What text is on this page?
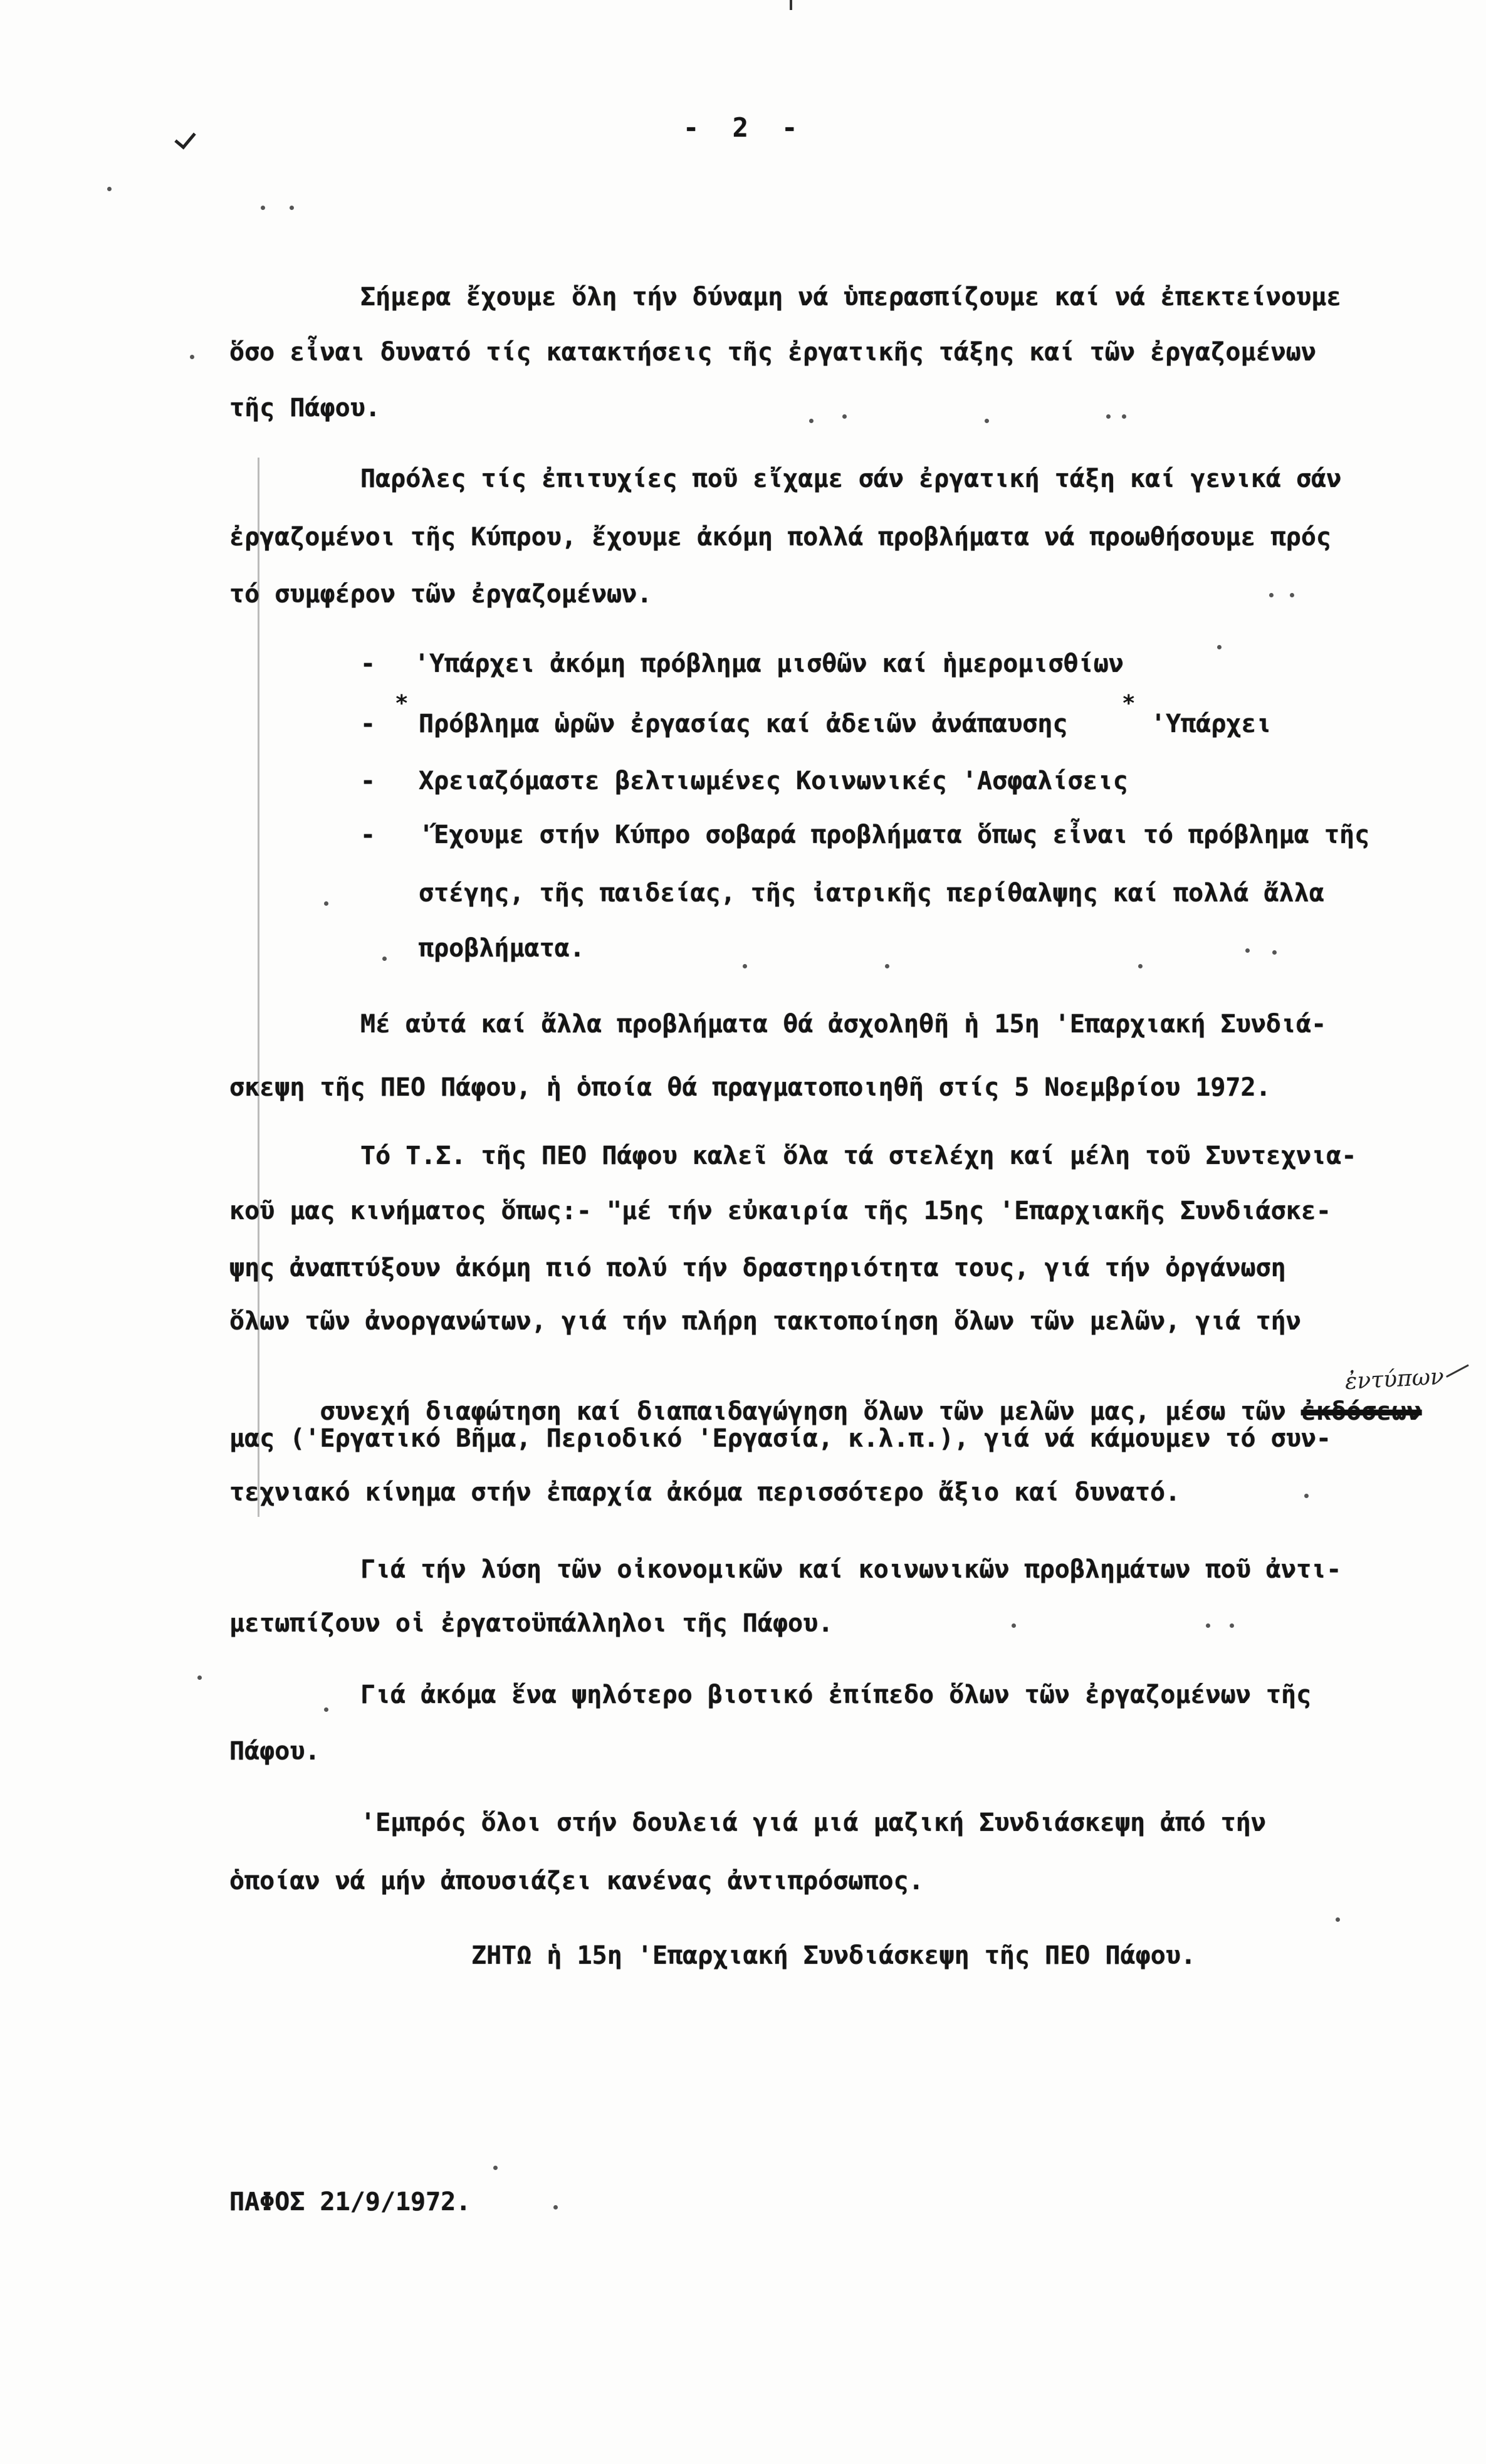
- 2 -
Σήμερα ἔχουμε ὅλη τήν δύναμη νά ὑπερασπίζουμε καί νά ἐπεκτείνουμε
ὅσο εἶναι δυνατό τίς κατακτήσεις τῆς ἐργατικῆς τάξης καί τῶν ἐργαζομένων
τῆς Πάφου.
Παρόλες τίς ἐπιτυχίες ποῦ εἴχαμε σάν ἐργατική τάξη καί γενικά σάν
ἐργαζομένοι τῆς Κύπρου, ἔχουμε ἀκόμη πολλά προβλήματα νά προωθήσουμε πρός
τό συμφέρον τῶν ἐργαζομένων.
- 'Υπάρχει ἀκόμη πρόβλημα μισθῶν καί ἡμερομισθίων
-
*
Πρόβλημα ὡρῶν ἐργασίας καί ἀδειῶν ἀνάπαυσης
*
'Υπάρχει
- Χρειαζόμαστε βελτιωμένες Κοινωνικές 'Ασφαλίσεις
- 'Έχουμε στήν Κύπρο σοβαρά προβλήματα ὅπως εἶναι τό πρόβλημα τῆς
στέγης, τῆς παιδείας, τῆς ἰατρικῆς περίθαλψης καί πολλά ἄλλα
προβλήματα.
Μέ αὐτά καί ἄλλα προβλήματα θά ἀσχοληθῆ ἡ 15η 'Επαρχιακή Συνδιά-
σκεψη τῆς ΠΕΟ Πάφου, ἡ ὁποία θά πραγματοποιηθῆ στίς 5 Νοεμβρίου 1972.
Τό Τ.Σ. τῆς ΠΕΟ Πάφου καλεῖ ὅλα τά στελέχη καί μέλη τοῦ Συντεχνια-
κοῦ μας κινήματος ὅπως:- "μέ τήν εὐκαιρία τῆς 15ης 'Επαρχιακῆς Συνδιάσκε-
ψης ἀναπτύξουν ἀκόμη πιό πολύ τήν δραστηριότητα τους, γιά τήν ὀργάνωση
ὅλων τῶν ἀνοργανώτων, γιά τήν πλήρη τακτοποίηση ὅλων τῶν μελῶν, γιά τήν

συνεχή διαφώτηση καί διαπαιδαγώγηση ὅλων τῶν μελῶν μας, μέσω τῶν ἐκδόσεων
ἐντύπων

μας ('Εργατικό Βῆμα, Περιοδικό 'Εργασία, κ.λ.π.), γιά νά κάμουμεν τό συν-
τεχνιακό κίνημα στήν ἐπαρχία ἀκόμα περισσότερο ἄξιο καί δυνατό.
Γιά τήν λύση τῶν οἰκονομικῶν καί κοινωνικῶν προβλημάτων ποῦ ἀντι-
μετωπίζουν οἱ ἐργατοϋπάλληλοι τῆς Πάφου.
Γιά ἀκόμα ἕνα ψηλότερο βιοτικό ἐπίπεδο ὅλων τῶν ἐργαζομένων τῆς
Πάφου.
'Εμπρός ὅλοι στήν δουλειά γιά μιά μαζική Συνδιάσκεψη ἀπό τήν
ὁποίαν νά μήν ἀπουσιάζει κανένας ἀντιπρόσωπος.
ΖΗΤΩ ἡ 15η 'Επαρχιακή Συνδιάσκεψη τῆς ΠΕΟ Πάφου.
ΠΑΦΟΣ 21/9/1972.
